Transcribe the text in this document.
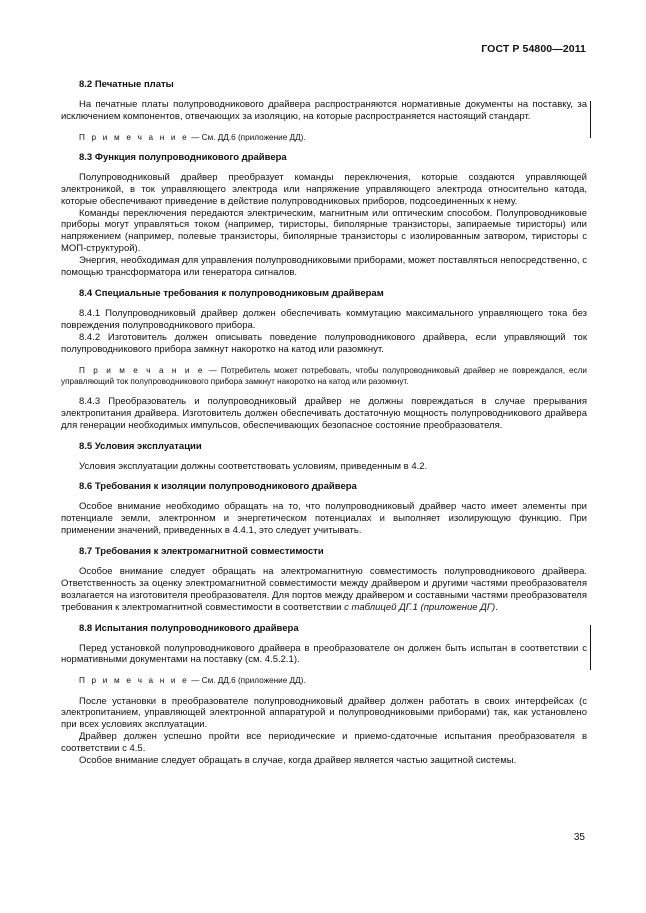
ГОСТ Р 54800—2011
8.2 Печатные платы

На печатные платы полупроводникового драйвера распространяются нормативные документы на поставку, за исключением компонентов, отвечающих за изоляцию, на которые распространяется настоящий стандарт.

П р и м е ч а н и е — См. ДД.6 (приложение ДД).

8.3 Функция полупроводникового драйвера

Полупроводниковый драйвер преобразует команды переключения, которые создаются управляющей электроникой, в ток управляющего электрода или напряжение управляющего электрода относительно катода, которые обеспечивают приведение в действие полупроводниковых приборов, подсоединенных к нему.

Команды переключения передаются электрическим, магнитным или оптическим способом. Полупроводниковые приборы могут управляться током (например, тиристоры, биполярные транзисторы, запираемые тиристоры) или напряжением (например, полевые транзисторы, биполярные транзисторы с изолированным затвором, тиристоры с МОП-структурой).

Энергия, необходимая для управления полупроводниковыми приборами, может поставляться непосредственно, с помощью трансформатора или генератора сигналов.

8.4 Специальные требования к полупроводниковым драйверам

8.4.1 Полупроводниковый драйвер должен обеспечивать коммутацию максимального управляющего тока без повреждения полупроводникового прибора.

8.4.2 Изготовитель должен описывать поведение полупроводникового драйвера, если управляющий ток полупроводникового прибора замкнут накоротко на катод или разомкнут.

П р и м е ч а н и е — Потребитель может потребовать, чтобы полупроводниковый драйвер не повреждался, если управляющий ток полупроводникового прибора замкнут накоротко на катод или разомкнут.

8.4.3 Преобразователь и полупроводниковый драйвер не должны повреждаться в случае прерывания электропитания драйвера. Изготовитель должен обеспечивать достаточную мощность полупроводникового драйвера для генерации необходимых импульсов, обеспечивающих безопасное состояние преобразователя.

8.5 Условия эксплуатации

Условия эксплуатации должны соответствовать условиям, приведенным в 4.2.

8.6 Требования к изоляции полупроводникового драйвера

Особое внимание необходимо обращать на то, что полупроводниковый драйвер часто имеет элементы при потенциале земли, электронном и энергетическом потенциалах и выполняет изолирующую функцию. При применении значений, приведенных в 4.4.1, это следует учитывать.

8.7 Требования к электромагнитной совместимости

Особое внимание следует обращать на электромагнитную совместимость полупроводникового драйвера. Ответственность за оценку электромагнитной совместимости между драйвером и другими частями преобразователя возлагается на изготовителя преобразователя. Для портов между драйвером и составными частями преобразователя требования к электромагнитной совместимости в соответствии с таблицей ДГ.1 (приложение ДГ).

8.8 Испытания полупроводникового драйвера

Перед установкой полупроводникового драйвера в преобразователе он должен быть испытан в соответствии с нормативными документами на поставку (см. 4.5.2.1).

П р и м е ч а н и е — См. ДД.6 (приложение ДД).

После установки в преобразователе полупроводниковый драйвер должен работать в своих интерфейсах (с электропитанием, управляющей электронной аппаратурой и полупроводниковыми приборами) так, как установлено при всех условиях эксплуатации.

Драйвер должен успешно пройти все периодические и приемо-сдаточные испытания преобразователя в соответствии с 4.5.

Особое внимание следует обращать в случае, когда драйвер является частью защитной системы.

35
